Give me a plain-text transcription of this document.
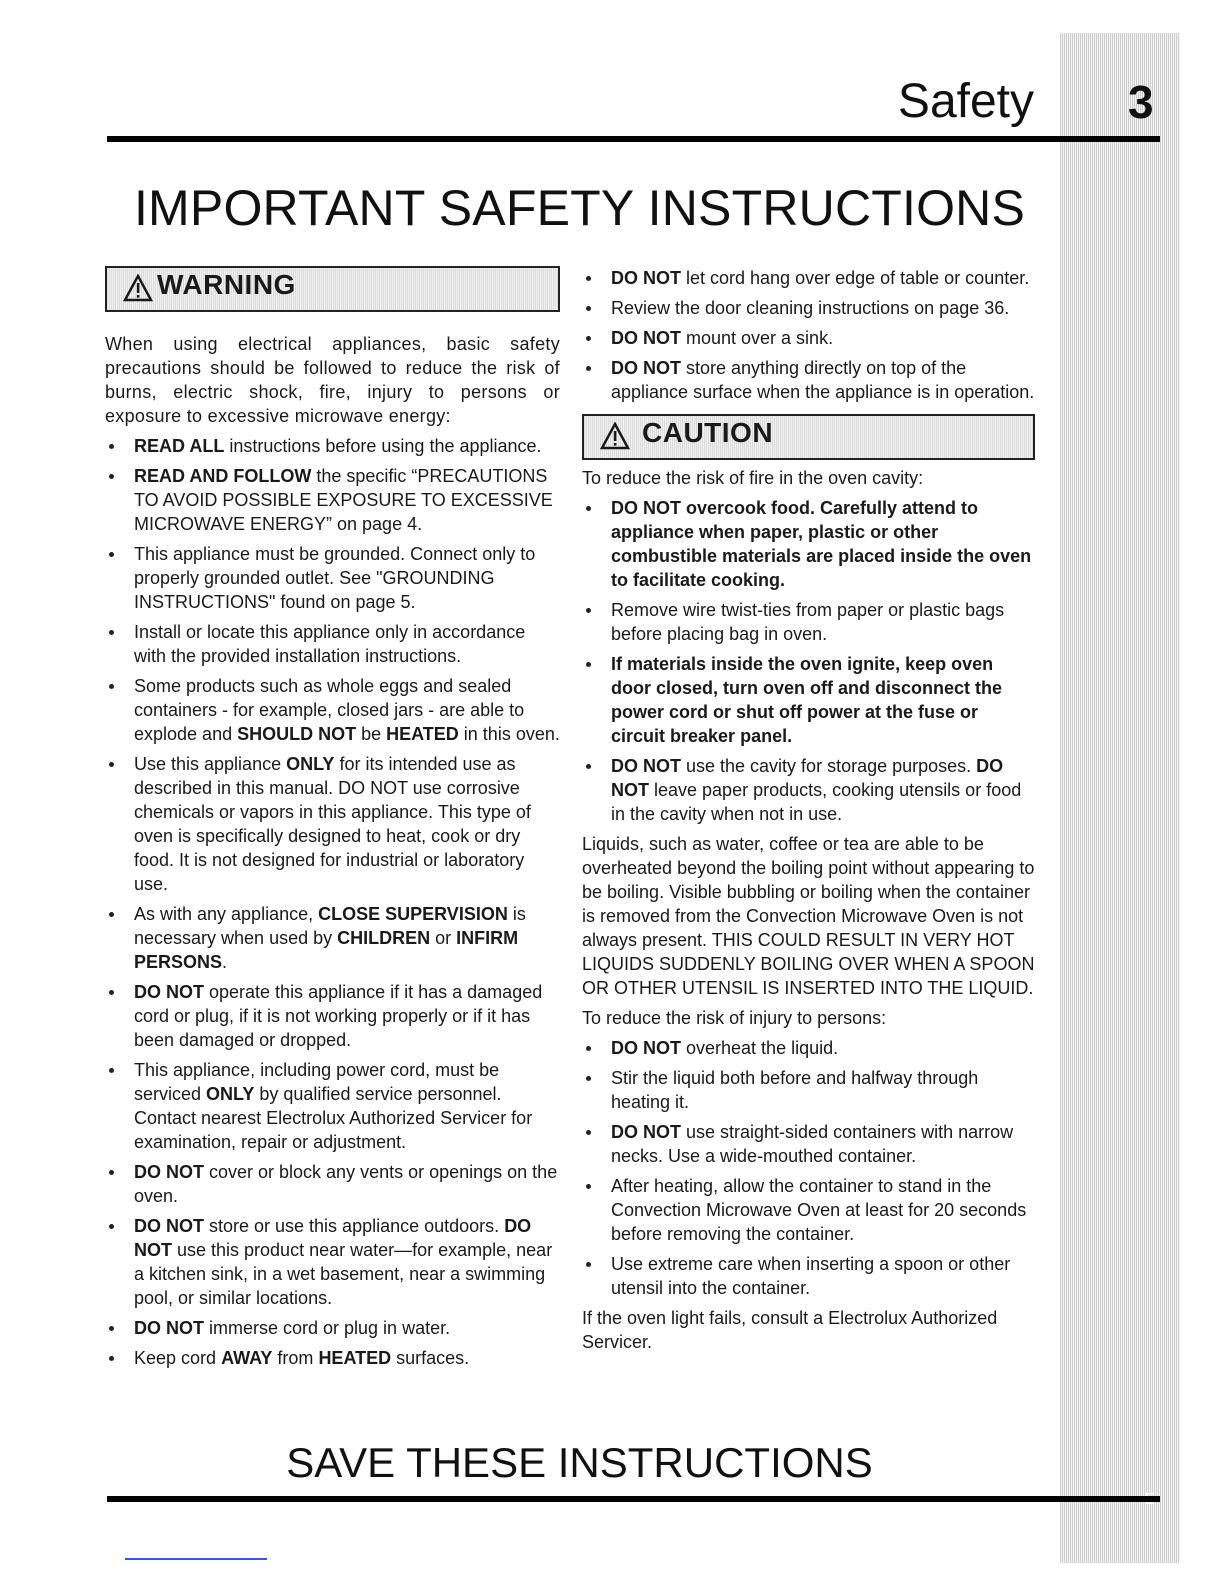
Safety 3
IMPORTANT SAFETY INSTRUCTIONS
WARNING

When using electrical appliances, basic safety precautions should be followed to reduce the risk of burns, electric shock, fire, injury to persons or exposure to excessive microwave energy:

READ ALL instructions before using the appliance.
READ AND FOLLOW the specific “PRECAUTIONS TO AVOID POSSIBLE EXPOSURE TO EXCESSIVE MICROWAVE ENERGY” on page 4.
This appliance must be grounded. Connect only to properly grounded outlet. See "GROUNDING INSTRUCTIONS" found on page 5.
Install or locate this appliance only in accordance with the provided installation instructions.
Some products such as whole eggs and sealed containers - for example, closed jars - are able to explode and SHOULD NOT be HEATED in this oven.
Use this appliance ONLY for its intended use as described in this manual. DO NOT use corrosive chemicals or vapors in this appliance. This type of oven is specifically designed to heat, cook or dry food. It is not designed for industrial or laboratory use.
As with any appliance, CLOSE SUPERVISION is necessary when used by CHILDREN or INFIRM PERSONS.
DO NOT operate this appliance if it has a damaged cord or plug, if it is not working properly or if it has been damaged or dropped.
This appliance, including power cord, must be serviced ONLY by qualified service personnel. Contact nearest Electrolux Authorized Servicer for examination, repair or adjustment.
DO NOT cover or block any vents or openings on the oven.
DO NOT store or use this appliance outdoors. DO NOT use this product near water—for example, near a kitchen sink, in a wet basement, near a swimming pool, or similar locations.
DO NOT immerse cord or plug in water.
Keep cord AWAY from HEATED surfaces.
DO NOT let cord hang over edge of table or counter.
Review the door cleaning instructions on page 36.
DO NOT mount over a sink.
DO NOT store anything directly on top of the appliance surface when the appliance is in operation.
CAUTION

To reduce the risk of fire in the oven cavity:

DO NOT overcook food. Carefully attend to appliance when paper, plastic or other combustible materials are placed inside the oven to facilitate cooking.
Remove wire twist-ties from paper or plastic bags before placing bag in oven.
If materials inside the oven ignite, keep oven door closed, turn oven off and disconnect the power cord or shut off power at the fuse or circuit breaker panel.
DO NOT use the cavity for storage purposes. DO NOT leave paper products, cooking utensils or food in the cavity when not in use.

Liquids, such as water, coffee or tea are able to be overheated beyond the boiling point without appearing to be boiling. Visible bubbling or boiling when the container is removed from the Convection Microwave Oven is not always present. THIS COULD RESULT IN VERY HOT LIQUIDS SUDDENLY BOILING OVER WHEN A SPOON OR OTHER UTENSIL IS INSERTED INTO THE LIQUID.

To reduce the risk of injury to persons:

DO NOT overheat the liquid.
Stir the liquid both before and halfway through heating it.
DO NOT use straight-sided containers with narrow necks. Use a wide-mouthed container.
After heating, allow the container to stand in the Convection Microwave Oven at least for 20 seconds before removing the container.
Use extreme care when inserting a spoon or other utensil into the container.

If the oven light fails, consult a Electrolux Authorized Servicer.

SAVE THESE INSTRUCTIONS
